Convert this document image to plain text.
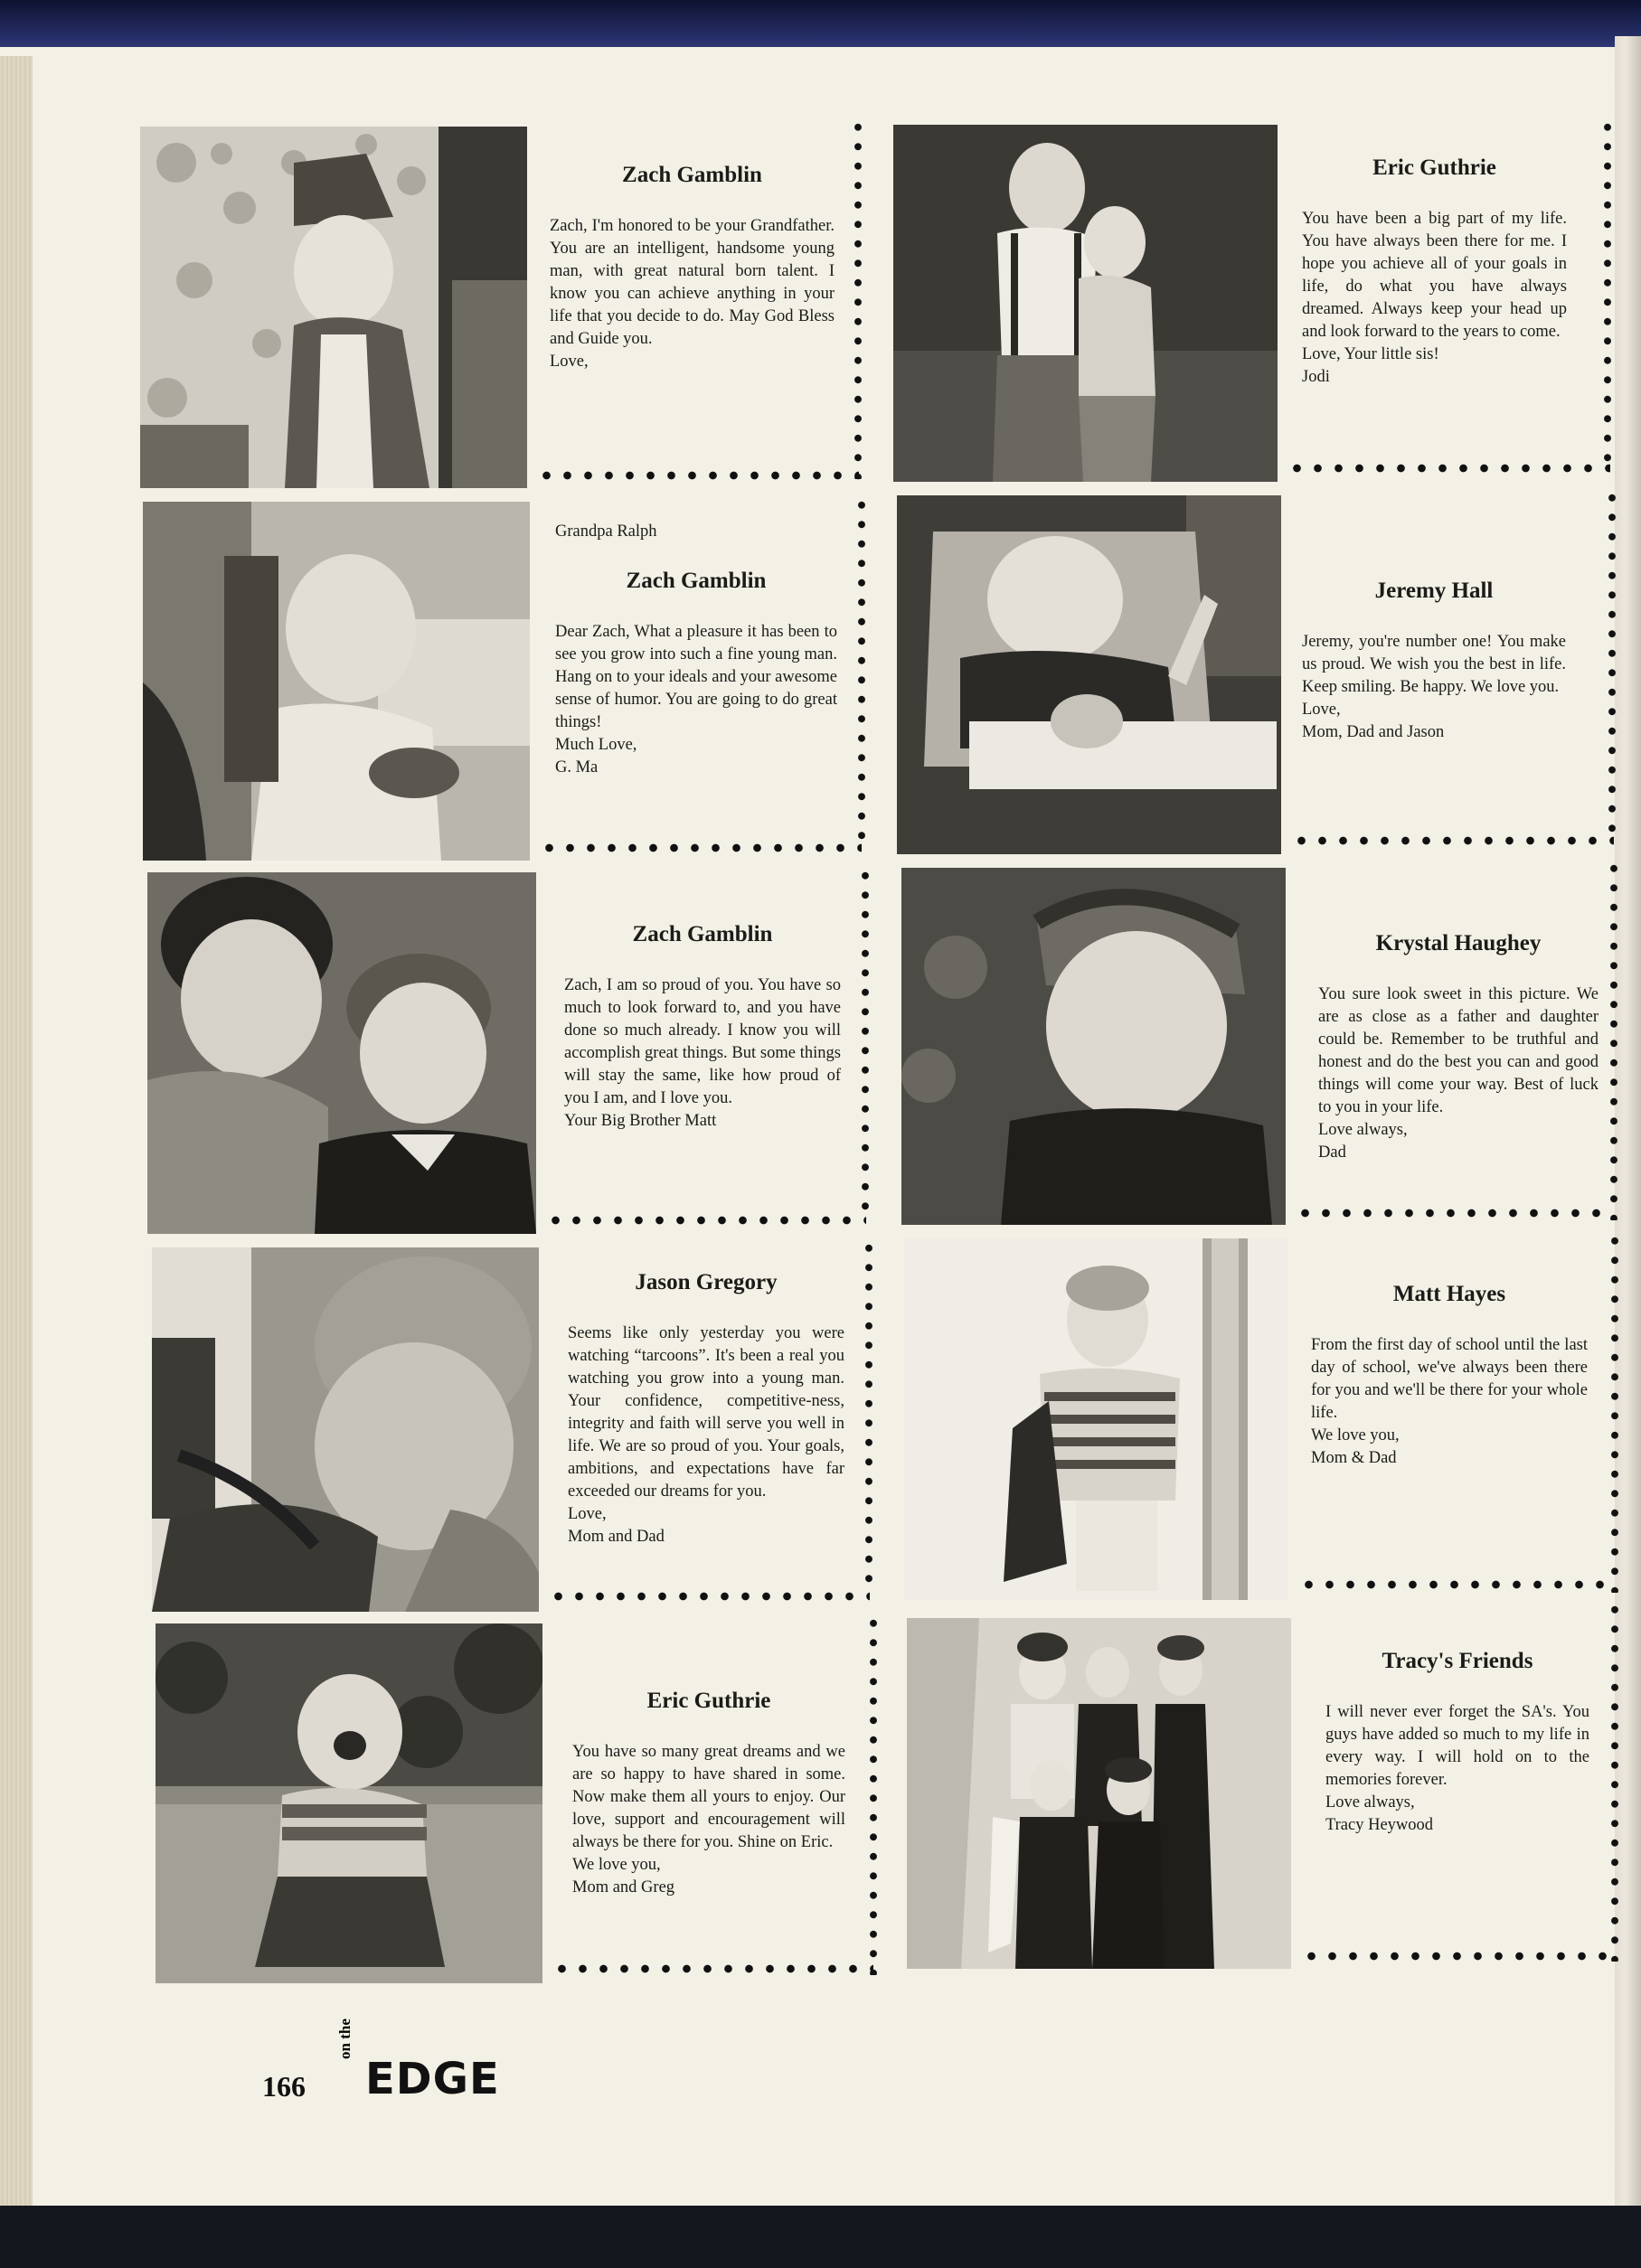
Zach Gamblin

Zach, I'm honored to be your Grandfather. You are an intelligent, handsome young man, with great natural born talent. I know you can achieve anything in your life that you decide to do. May God Bless and Guide you.

Love,
Grandpa Ralph
Zach Gamblin

Dear Zach, What a pleasure it has been to see you grow into such a fine young man. Hang on to your ideals and your awesome sense of humor. You are going to do great things!

Much Love,
G. Ma
Zach Gamblin

Zach, I am so proud of you. You have so much to look forward to, and you have done so much already. I know you will accomplish great things. But some things will stay the same, like how proud of you I am, and I love you.

Your Big Brother Matt
Jason Gregory

Seems like only yesterday you were watching “tarcoons”. It's been a real you watching you grow into a young man. Your confidence, competitive-ness, integrity and faith will serve you well in life. We are so proud of you. Your goals, ambitions, and expectations have far exceeded our dreams for you.

Love,
Mom and Dad
Eric Guthrie

You have so many great dreams and we are so happy to have shared in some. Now make them all yours to enjoy. Our love, support and encouragement will always be there for you. Shine on Eric.

We love you,
Mom and Greg
Eric Guthrie

You have been a big part of my life. You have always been there for me. I hope you achieve all of your goals in life, do what you have always dreamed. Always keep your head up and look forward to the years to come.

Love, Your little sis!
Jodi
Jeremy Hall

Jeremy, you're number one! You make us proud. We wish you the best in life. Keep smiling. Be happy. We love you.

Love,
Mom, Dad and Jason
Krystal Haughey

You sure look sweet in this picture. We are as close as a father and daughter could be. Remember to be truthful and honest and do the best you can and good things will come your way. Best of luck to you in your life.

Love always,
Dad
Matt Hayes

From the first day of school until the last day of school, we've always been there for you and we'll be there for your whole life.

We love you,
Mom & Dad
Tracy's Friends

I will never ever forget the SA's. You guys have added so much to my life in every way. I will hold on to the memories forever.

Love always,
Tracy Heywood
166
on the
EDGE
